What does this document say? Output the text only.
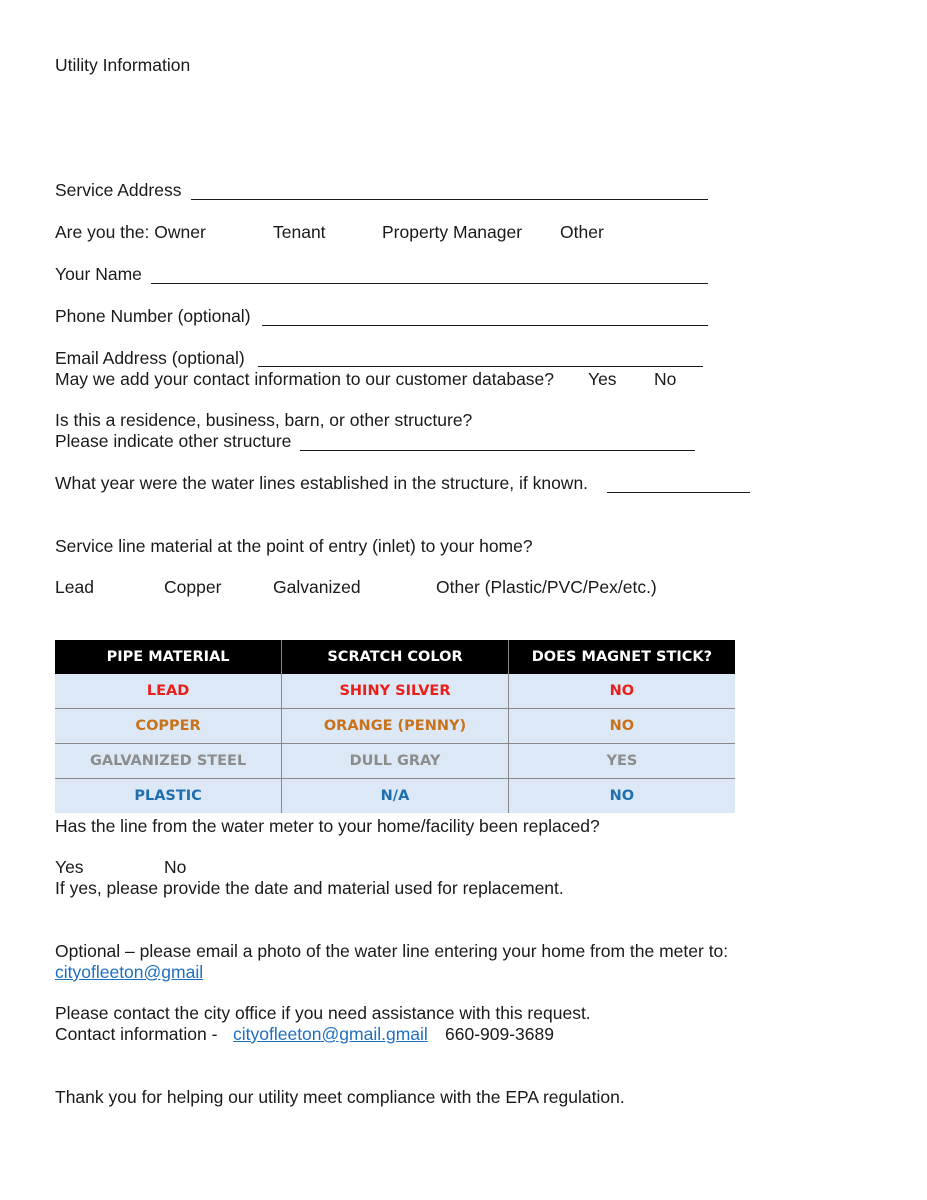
Utility Information
Service Address
Are you the: Owner	Tenant	Property Manager Other
Your Name
Phone Number (optional)
Email Address (optional)
May we add your contact information to our customer database? Yes No
Is this a residence, business, barn, or other structure?
Please indicate other structure
What year were the water lines established in the structure, if known.
Service line material at the point of entry (inlet) to your home?
Lead	Copper	Galvanized	Other (Plastic/PVC/Pex/etc.)
PIPE MATERIAL	SCRATCH COLOR	DOES MAGNET STICK?
LEAD	SHINY SILVER	NO
COPPER	ORANGE (PENNY)	NO
GALVANIZED STEEL	DULL GRAY	YES
PLASTIC	N/A	NO
Has the line from the water meter to your home/facility been replaced?
Yes	No
If yes, please provide the date and material used for replacement.
Optional – please email a photo of the water line entering your home from the meter to:
cityofleeton@gmail
Please contact the city office if you need assistance with this request.
Contact information - cityofleeton@gmail.gmail 660-909-3689
Thank you for helping our utility meet compliance with the EPA regulation.
